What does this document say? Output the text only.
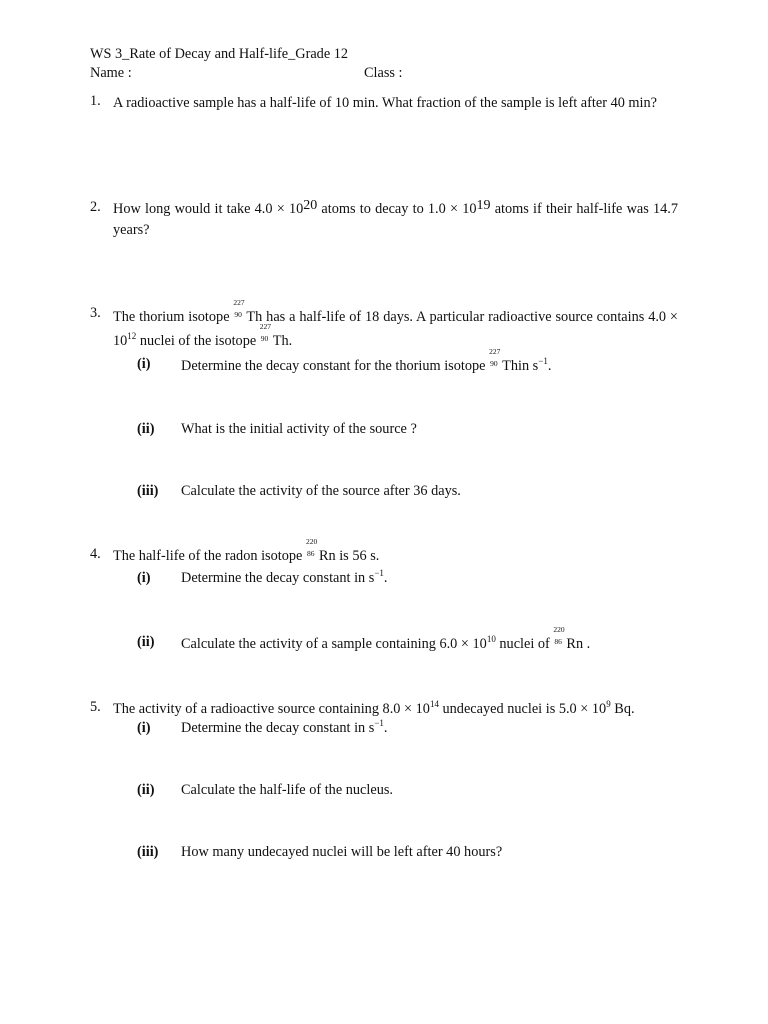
WS 3_Rate of Decay and Half-life_Grade 12
Name :	Class :
1. A radioactive sample has a half-life of 10 min. What fraction of the sample is left after 40 min?
2. How long would it take $4.0 \times 10^{20}$ atoms to decay to $1.0 \times 10^{19}$ atoms if their half-life was 14.7 years?
3. The thorium isotope
227
90 Th has a half-life of 18 days. A particular radioactive source contains $4.0 \times 10^{12}$ nuclei of the isotope
227
90 Th.
(i) Determine the decay constant for the thorium isotope
227
90 Thin $s^{-1}$.
(ii) What is the initial activity of the source ?
(iii) Calculate the activity of the source after 36 days.
4. The half-life of the radon isotope
220
86 Rn is 56 s.
(i) Determine the decay constant in $s^{-1}$.
(ii) Calculate the activity of a sample containing $6.0 \times 10^{10}$ nuclei of
220
86 Rn .
5. The activity of a radioactive source containing $8.0 \times 10^{14}$ undecayed nuclei is $5.0 \times 10^9$ Bq.
(i) Determine the decay constant in $s^{-1}$.
(ii) Calculate the half-life of the nucleus.
(iii) How many undecayed nuclei will be left after 40 hours?
